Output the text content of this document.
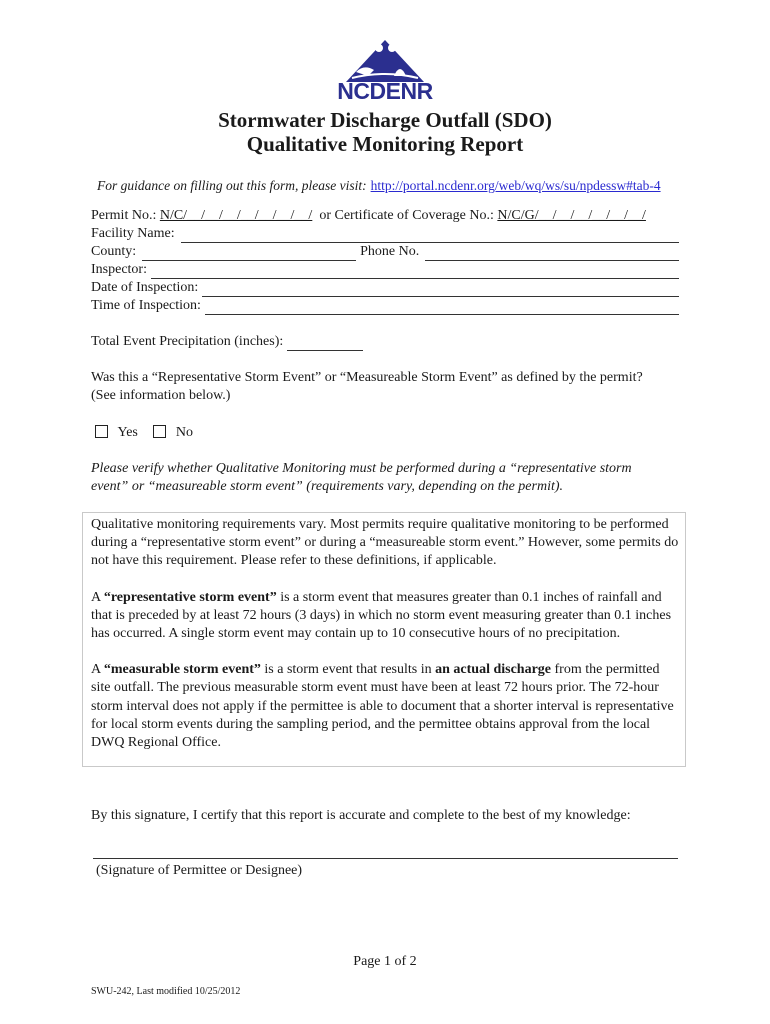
NCDENR
Stormwater Discharge Outfall (SDO)
Qualitative Monitoring Report
For guidance on filling out this form, please visit: http://portal.ncdenr.org/web/wq/ws/su/npdessw#tab-4
Permit No.:
N/C/__/__/__/__/__/__/__/
or Certificate of Coverage No.:
N/C/G/__/__/__/__/__/__/
Facility Name:
County:	Phone No.
Inspector:
Date of Inspection:
Time of Inspection:
Total Event Precipitation (inches):
Was this a “Representative Storm Event” or “Measureable Storm Event” as defined by the permit?
(See information below.)
Yes	No
Please verify whether Qualitative Monitoring must be performed during a “representative storm
event” or “measureable storm event” (requirements vary, depending on the permit).
Qualitative monitoring requirements vary. Most permits require qualitative monitoring to be performed during a “representative storm event” or during a “measureable storm event.” However, some permits do not have this requirement. Please refer to these definitions, if applicable.
A “representative storm event” is a storm event that measures greater than 0.1 inches of rainfall and that is preceded by at least 72 hours (3 days) in which no storm event measuring greater than 0.1 inches has occurred. A single storm event may contain up to 10 consecutive hours of no precipitation.
A “measurable storm event” is a storm event that results in an actual discharge from the permitted site outfall. The previous measurable storm event must have been at least 72 hours prior. The 72-hour storm interval does not apply if the permittee is able to document that a shorter interval is representative for local storm events during the sampling period, and the permittee obtains approval from the local DWQ Regional Office.
By this signature, I certify that this report is accurate and complete to the best of my knowledge:
(Signature of Permittee or Designee)
Page 1 of 2
SWU-242, Last modified 10/25/2012
